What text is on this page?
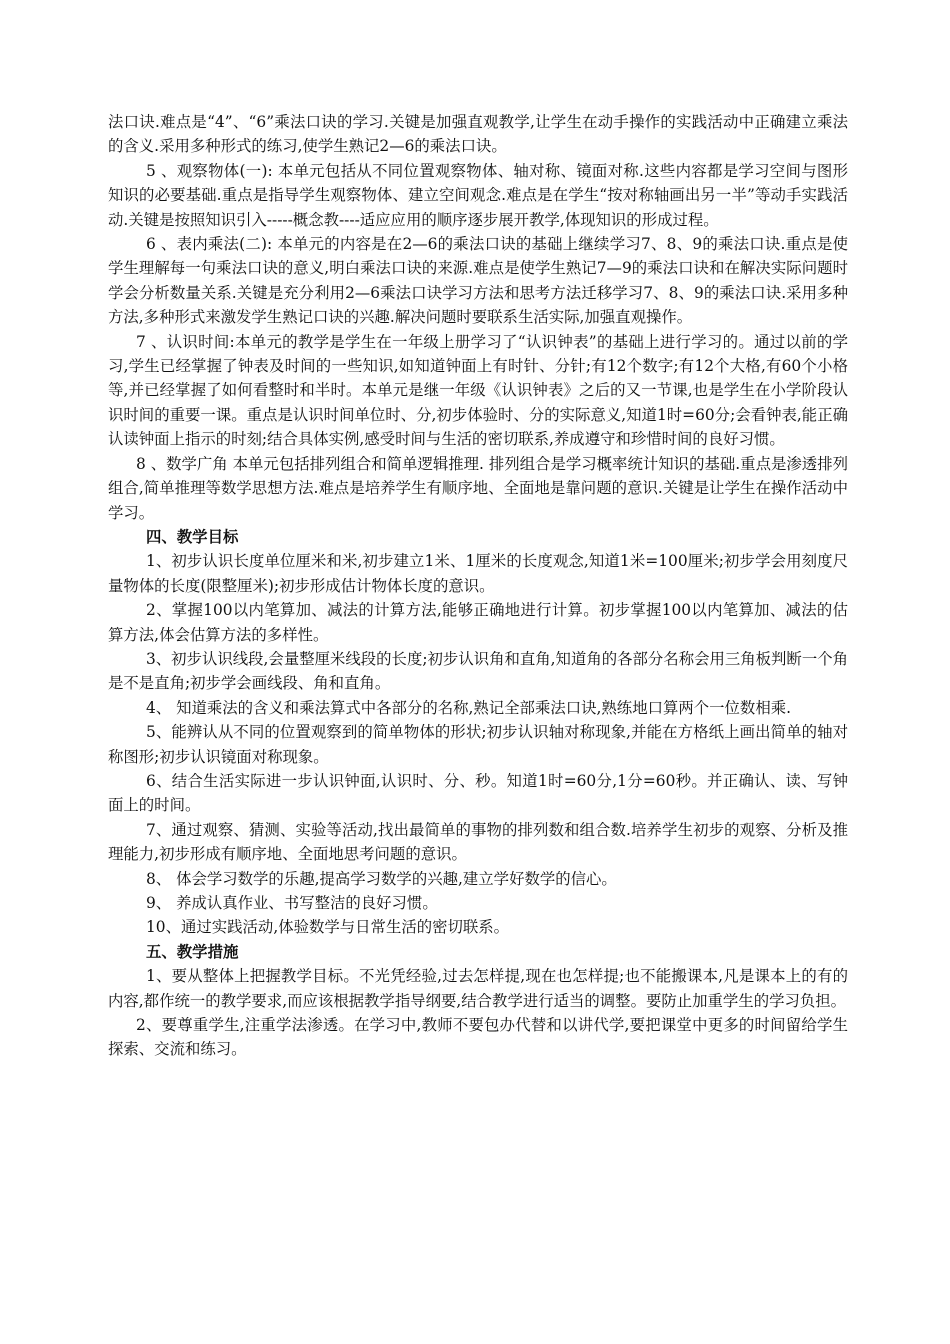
法口诀.难点是“4”、“6”乘法口诀的学习.关键是加强直观教学,让学生在动手操作的实践活动中正确建立乘法的含义.采用多种形式的练习,使学生熟记2—6的乘法口诀。

5 、观察物体(一): 本单元包括从不同位置观察物体、轴对称、镜面对称.这些内容都是学习空间与图形知识的必要基础.重点是指导学生观察物体、建立空间观念.难点是在学生“按对称轴画出另一半”等动手实践活动.关键是按照知识引入-----概念教----适应应用的顺序逐步展开教学,体现知识的形成过程。

6 、表内乘法(二): 本单元的内容是在2—6的乘法口诀的基础上继续学习7、8、9的乘法口诀.重点是使学生理解每一句乘法口诀的意义,明白乘法口诀的来源.难点是使学生熟记7—9的乘法口诀和在解决实际问题时学会分析数量关系.关键是充分利用2—6乘法口诀学习方法和思考方法迁移学习7、8、9的乘法口诀.采用多种方法,多种形式来激发学生熟记口诀的兴趣.解决问题时要联系生活实际,加强直观操作。

7 、认识时间:本单元的教学是学生在一年级上册学习了“认识钟表”的基础上进行学习的。通过以前的学习,学生已经掌握了钟表及时间的一些知识,如知道钟面上有时针、分针;有12个数字;有12个大格,有60个小格等,并已经掌握了如何看整时和半时。本单元是继一年级《认识钟表》之后的又一节课,也是学生在小学阶段认识时间的重要一课。重点是认识时间单位时、分,初步体验时、分的实际意义,知道1时=60分;会看钟表,能正确认读钟面上指示的时刻;结合具体实例,感受时间与生活的密切联系,养成遵守和珍惜时间的良好习惯。

8 、数学广角 本单元包括排列组合和简单逻辑推理. 排列组合是学习概率统计知识的基础.重点是渗透排列组合,简单推理等数学思想方法.难点是培养学生有顺序地、全面地是靠问题的意识.关键是让学生在操作活动中学习。

四、教学目标

1、初步认识长度单位厘米和米,初步建立1米、1厘米的长度观念,知道1米=100厘米;初步学会用刻度尺量物体的长度(限整厘米);初步形成估计物体长度的意识。

2、掌握100以内笔算加、减法的计算方法,能够正确地进行计算。初步掌握100以内笔算加、减法的估算方法,体会估算方法的多样性。

3、初步认识线段,会量整厘米线段的长度;初步认识角和直角,知道角的各部分名称会用三角板判断一个角是不是直角;初步学会画线段、角和直角。

4、 知道乘法的含义和乘法算式中各部分的名称,熟记全部乘法口诀,熟练地口算两个一位数相乘.

5、能辨认从不同的位置观察到的简单物体的形状;初步认识轴对称现象,并能在方格纸上画出简单的轴对称图形;初步认识镜面对称现象。

6、结合生活实际进一步认识钟面,认识时、分、秒。知道1时=60分,1分=60秒。并正确认、读、写钟面上的时间。

7、通过观察、猜测、实验等活动,找出最简单的事物的排列数和组合数.培养学生初步的观察、分析及推理能力,初步形成有顺序地、全面地思考问题的意识。

8、 体会学习数学的乐趣,提高学习数学的兴趣,建立学好数学的信心。

9、 养成认真作业、书写整洁的良好习惯。

10、通过实践活动,体验数学与日常生活的密切联系。

五、教学措施

1、要从整体上把握教学目标。不光凭经验,过去怎样提,现在也怎样提;也不能搬课本,凡是课本上的有的内容,都作统一的教学要求,而应该根据教学指导纲要,结合教学进行适当的调整。要防止加重学生的学习负担。

2、要尊重学生,注重学法渗透。在学习中,教师不要包办代替和以讲代学,要把课堂中更多的时间留给学生探索、交流和练习。
